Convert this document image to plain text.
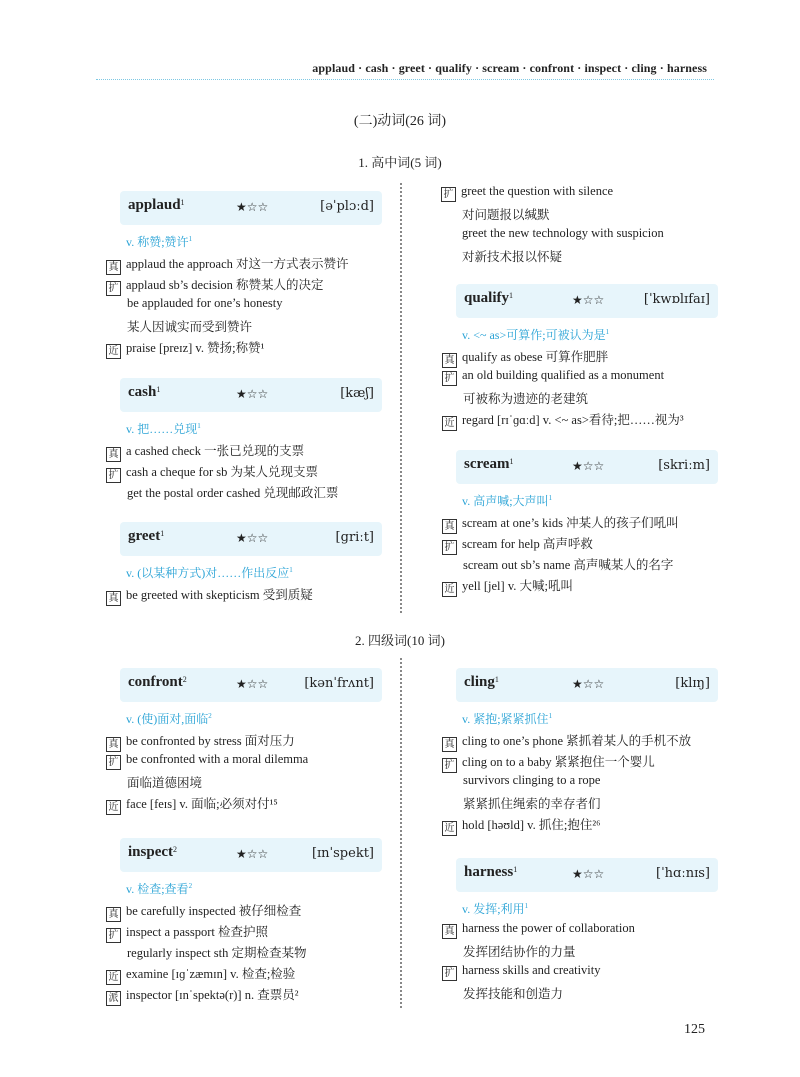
applaud · cash · greet · qualify · scream · confront · inspect · cling · harness
(二)动词(26 词)
1. 高中词(5 词)
2. 四级词(10 词)
applaud$^1$	★☆☆	[əˈplɔːd]
v. 称赞;赞许$^1$
真 applaud the approach 对这一方式表示赞许
扩 applaud sb’s decision 称赞某人的决定
be applauded for one’s honesty
某人因诚实而受到赞许
近 praise [preɪz] v. 赞扬;称赞¹
cash$^1$	★☆☆	[kæʃ]
v. 把……兑现$^1$
真 a cashed check 一张已兑现的支票
扩 cash a cheque for sb 为某人兑现支票
get the postal order cashed 兑现邮政汇票
greet$^1$	★☆☆	[griːt]
v. (以某种方式)对……作出反应$^1$
真 be greeted with skepticism 受到质疑
qualify$^1$	★☆☆	[ˈkwɒlɪfaɪ]
v. <~ as>可算作;可被认为是$^1$
真 qualify as obese 可算作肥胖
扩 an old building qualified as a monument
可被称为遗迹的老建筑
近 regard [rɪˈɡɑːd] v. <~ as>看待;把……视为³
scream$^1$	★☆☆	[skriːm]
v. 高声喊;大声叫$^1$
真 scream at one’s kids 冲某人的孩子们吼叫
扩 scream for help 高声呼救
scream out sb’s name 高声喊某人的名字
近 yell [jel] v. 大喊;吼叫
confront$^2$	★☆☆	[kənˈfrʌnt]
v. (使)面对,面临$^2$
真 be confronted by stress 面对压力
扩 be confronted with a moral dilemma
面临道德困境
近 face [feɪs] v. 面临;必须对付¹⁵
inspect$^2$	★☆☆	[ɪnˈspekt]
v. 检查;查看$^2$
真 be carefully inspected 被仔细检查
扩 inspect a passport 检查护照
regularly inspect sth 定期检查某物
近 examine [ɪɡˈzæmɪn] v. 检查;检验
派 inspector [ɪnˈspektə(r)] n. 查票员²
cling$^1$	★☆☆	[klɪŋ]
v. 紧抱;紧紧抓住$^1$
真 cling to one’s phone 紧抓着某人的手机不放
扩 cling on to a baby 紧紧抱住一个婴儿
survivors clinging to a rope
紧紧抓住绳索的幸存者们
近 hold [həʊld] v. 抓住;抱住²⁶
harness$^1$	★☆☆	[ˈhɑːnɪs]
v. 发挥;利用$^1$
真 harness the power of collaboration
发挥团结协作的力量
扩 harness skills and creativity
发挥技能和创造力
扩 greet the question with silence
对问题报以缄默
greet the new technology with suspicion
对新技术报以怀疑
125
